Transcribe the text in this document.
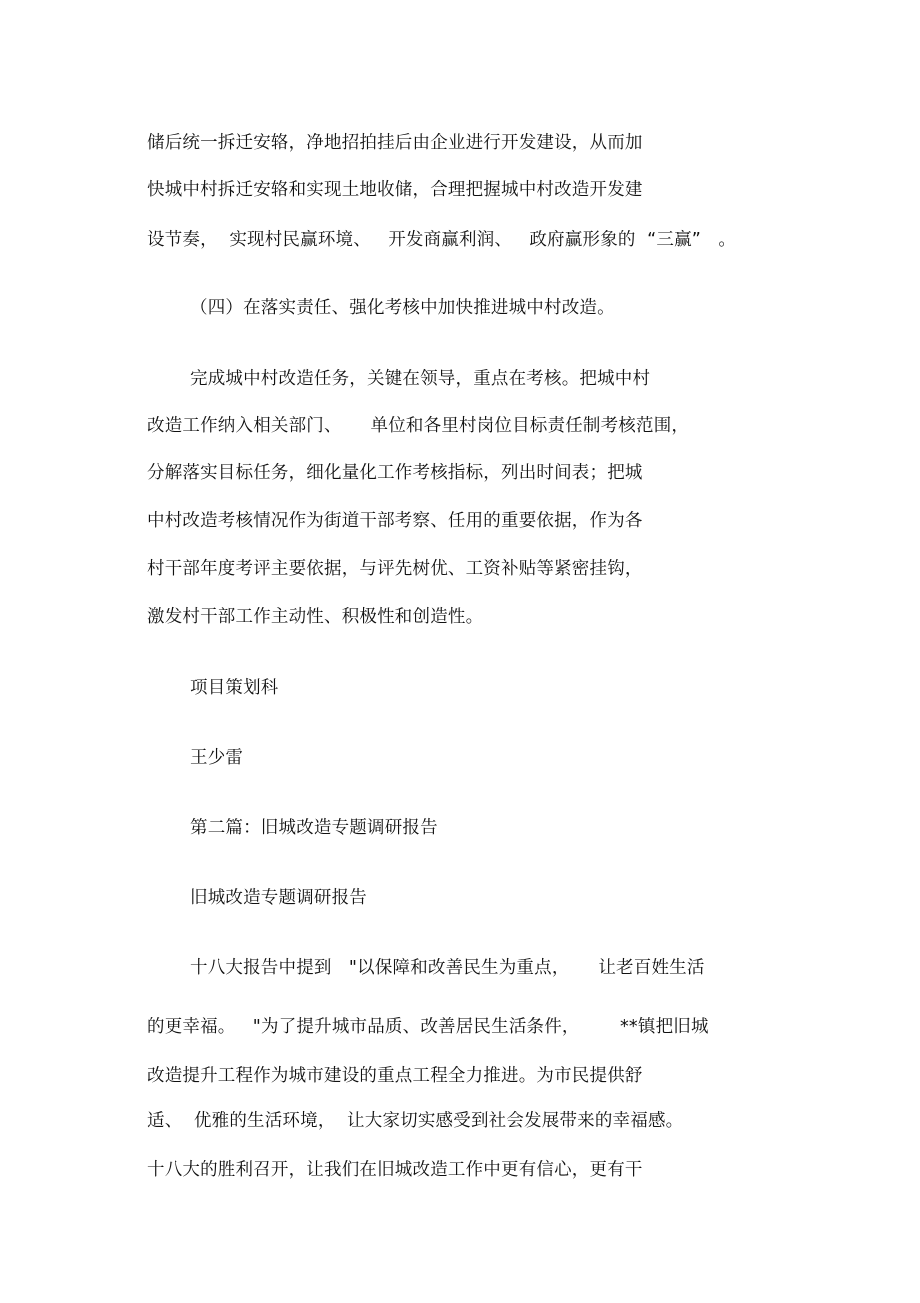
储后统一拆迁安辂，净地招拍挂后由企业进行开发建设，从而加
快城中村拆迁安辂和实现土地收储，合理把握城中村改造开发建
设节奏，  实现村民赢环境、   开发商赢利润、   政府赢形象的  “三赢”   。
（四）在落实责任、强化考核中加快推进城中村改造。
完成城中村改造任务，关键在领导，重点在考核。把城中村
改造工作纳入相关部门、     单位和各里村岗位目标责任制考核范围，
分解落实目标任务，细化量化工作考核指标，列出时间表；把城
中村改造考核情况作为街道干部考察、任用的重要依据，作为各
村干部年度考评主要依据，与评先树优、工资补贴等紧密挂钩，
激发村干部工作主动性、积极性和创造性。
项目策划科
王少雷
第二篇：旧城改造专题调研报告
旧城改造专题调研报告
十八大报告中提到   "以保障和改善民生为重点，     让老百姓生活
的更幸福。   "为了提升城市品质、改善居民生活条件，       **镇把旧城
改造提升工程作为城市建设的重点工程全力推进。为市民提供舒
适、  优雅的生活环境，  让大家切实感受到社会发展带来的幸福感。
十八大的胜利召开，让我们在旧城改造工作中更有信心，更有干
